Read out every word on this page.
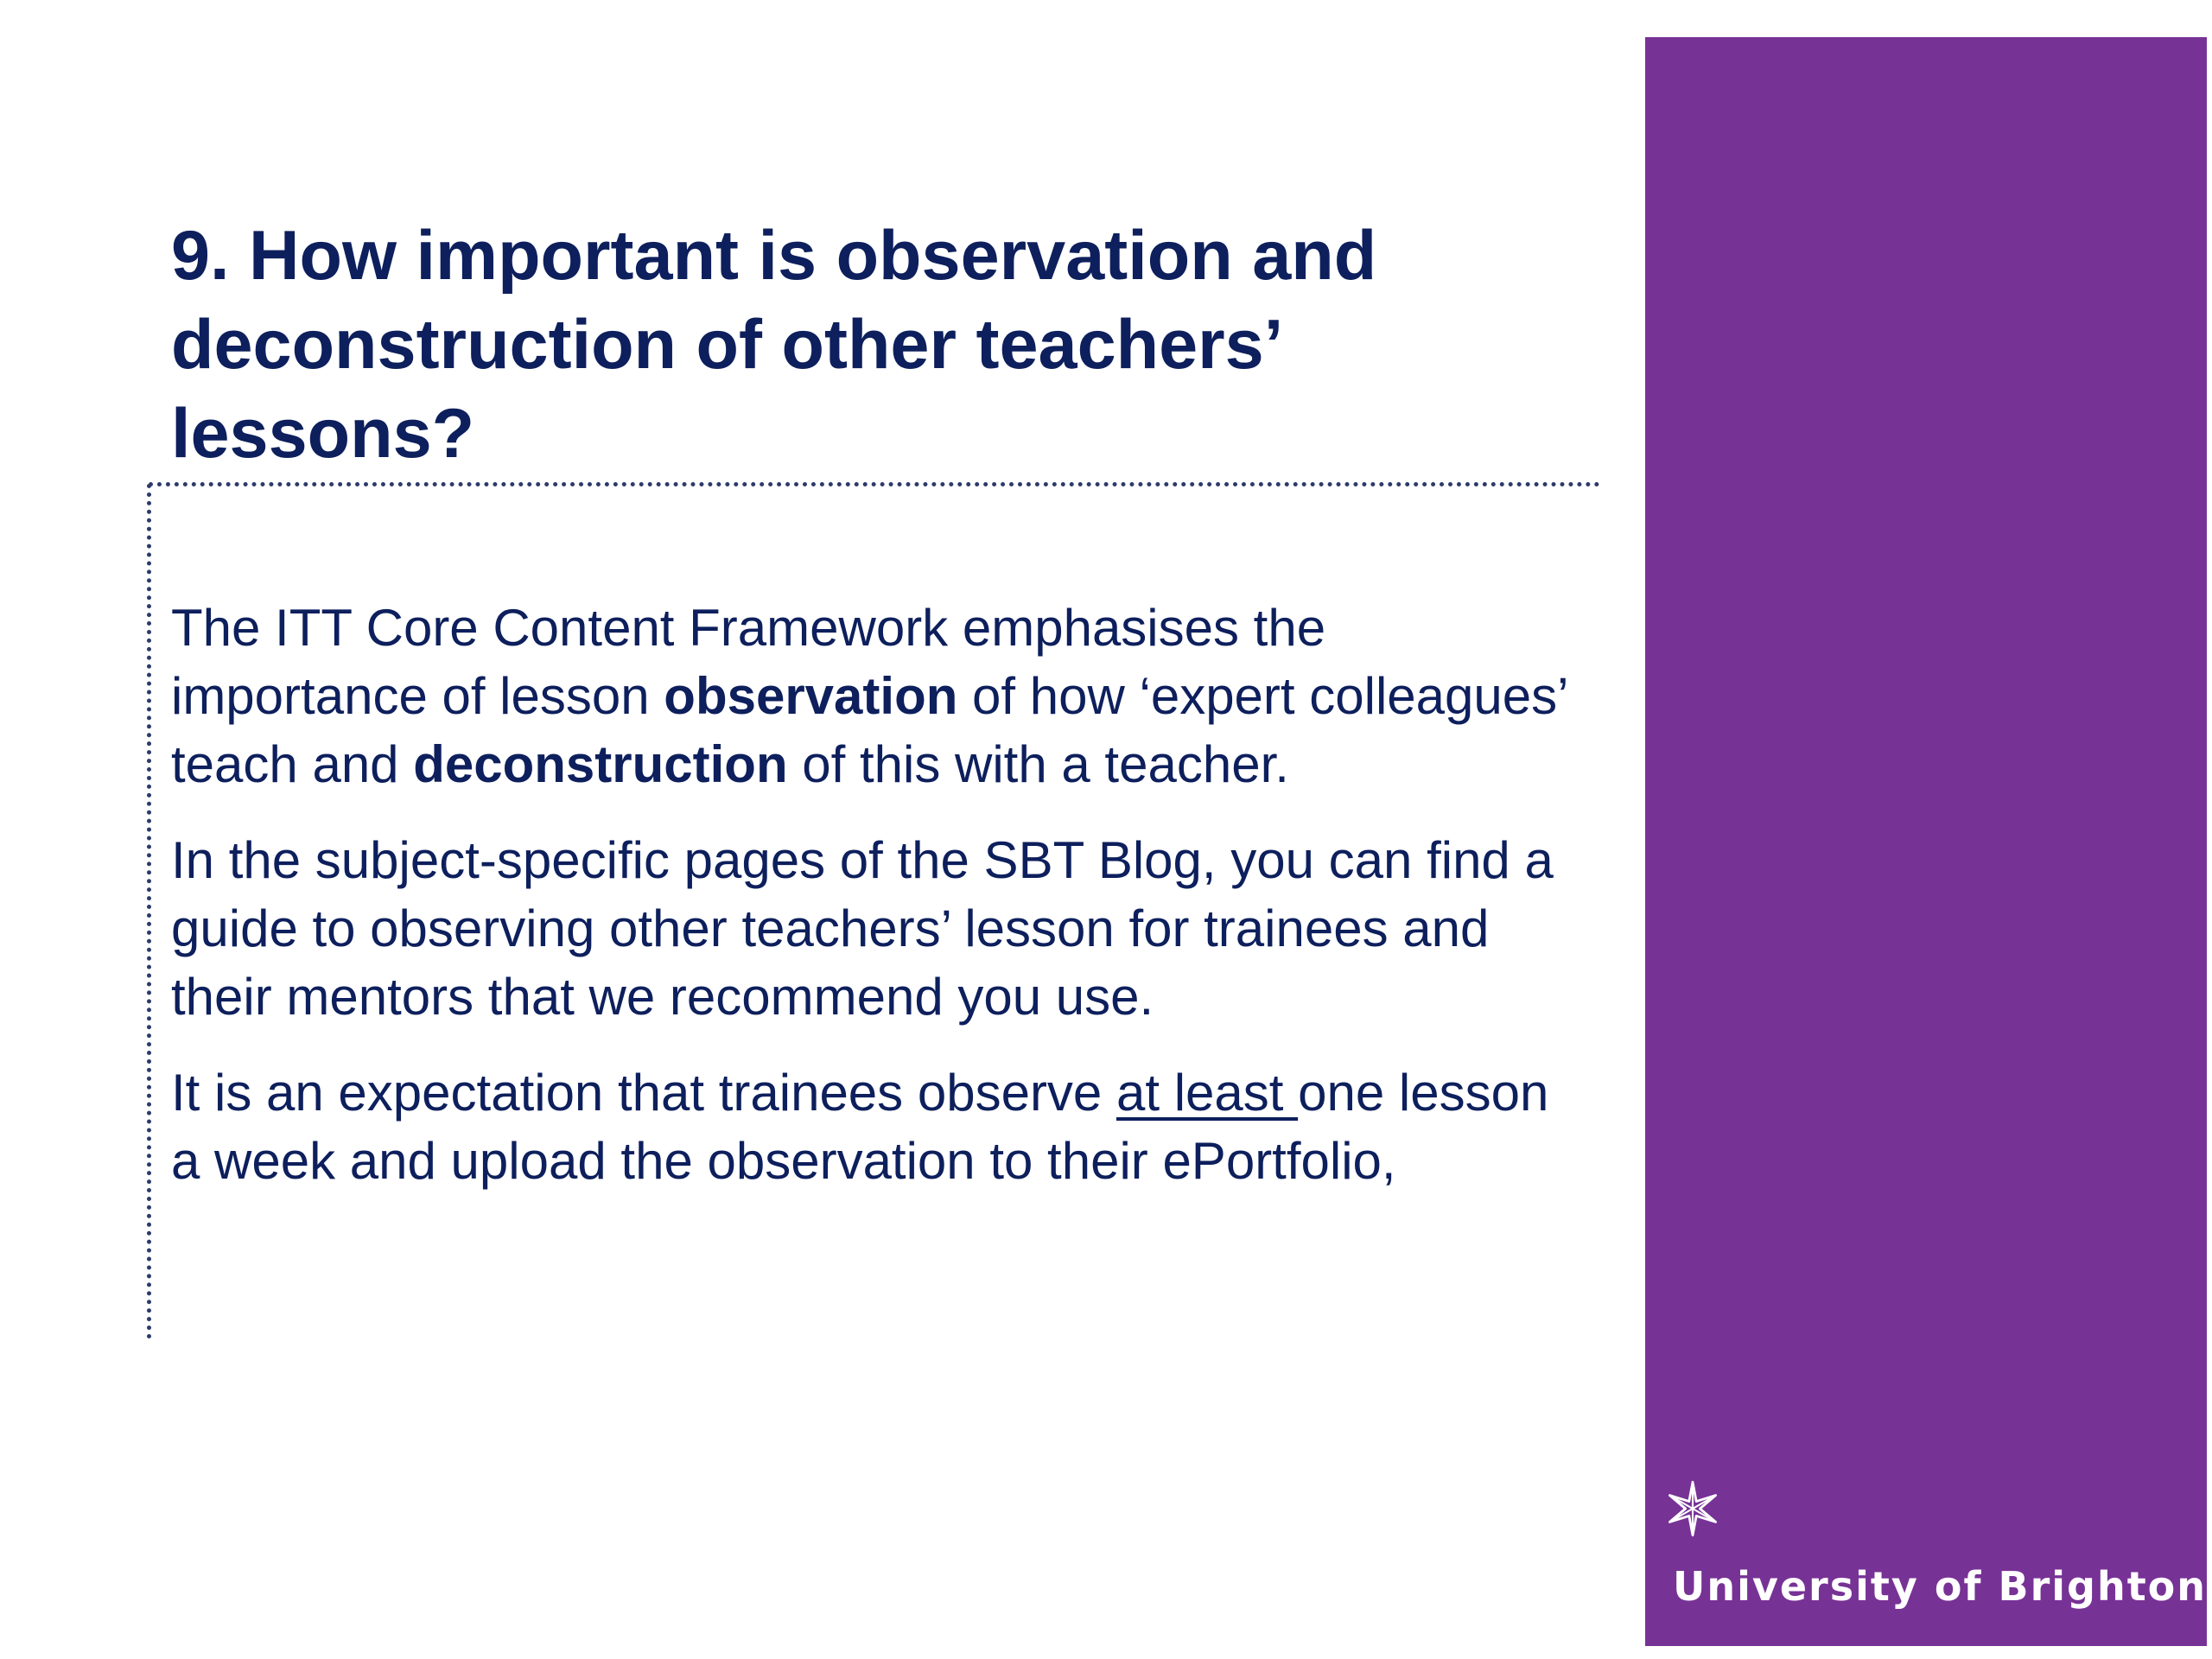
9. How important is observation and deconstruction of other teachers’ lessons?

The ITT Core Content Framework emphasises the importance of lesson observation of how ‘expert colleagues’ teach and deconstruction of this with a teacher.

In the subject-specific pages of the SBT Blog, you can find a guide to observing other teachers’ lesson for trainees and their mentors that we recommend you use.

It is an expectation that trainees observe at least one lesson a week and upload the observation to their ePortfolio,

University of Brighton
